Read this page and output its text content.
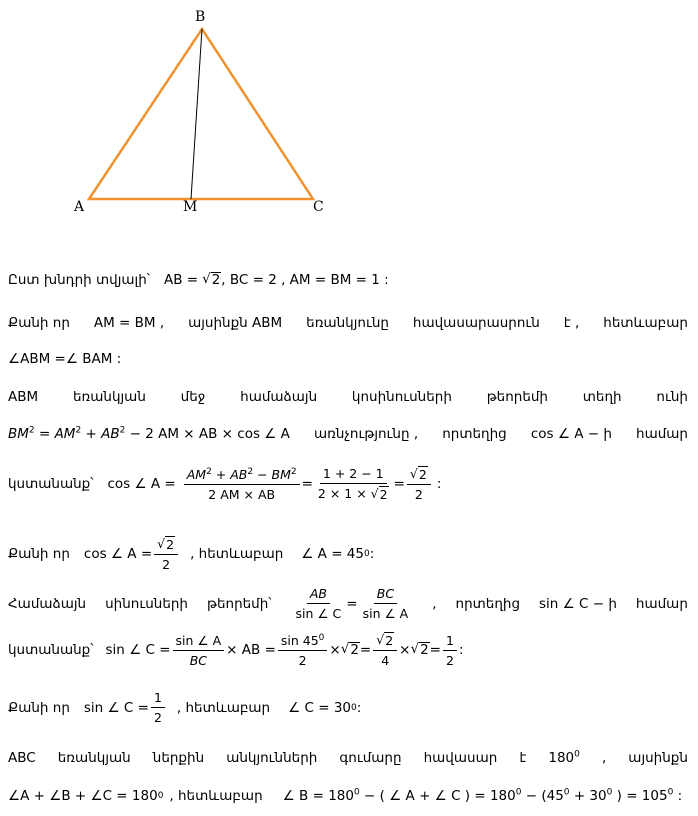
B
A	M	C
Ըստ խնդրի տվյալի՝ AB = √ 2 , BC = 2 , AM = BM = 1 :
Քանի որ AM = BM , այսինքն ABM եռանկյունը հավասարասրուն է , հետևաբար
∠ABM =∠ BAM :
ABM	եռանկյան	մեջ	համաձայն	կոսինուսների	թեորեմի	տեղի	ունի
$BM^2 = AM^2 + AB^2 - 2$ AM × AB × cos ∠ A առնչությունը , որտեղից cos ∠ A − ի համար
կստանանք՝ cos ∠ $A = \frac{AM^2 + AB^2 - BM^2}{2 AM \times AB} = \frac{1 + 2 - 1}{2 \times 1 \times √ 2} = \frac{√ 2}{2}$ :
Քանի որ cos ∠ $A = \frac{√ 2}{2}$ , հետևաբար ∠ A = 45 0 :
Համաձայն սինուսների թեորեմի՝ $\frac{AB}{\sin \angle C} = \frac{BC}{\sin \angle A}$ , որտեղից sin ∠ C − ի համար
կստանանք՝ sin ∠ $C = \frac{\sin \angle A}{BC}$ × AB = $\frac{\sin 45^0}{2}$ × √ $2 = \frac{√ 2}{4}$ × √ $2 = \frac{1}{2}$ :
Քանի որ sin ∠ $C = \frac{1}{2}$ , հետևաբար ∠ C = 30 0 :
ABC եռանկյան ներքին անկյունների գումարը հավասար է $180^0$ , այսինքն
∠A + ∠B + ∠C = 180 0 , հետևաբար ∠ $B = 180^0$ − ( ∠ A + ∠ C ) = $180^0 - (45^0 + 30^0$ ) = $105^0$ :
